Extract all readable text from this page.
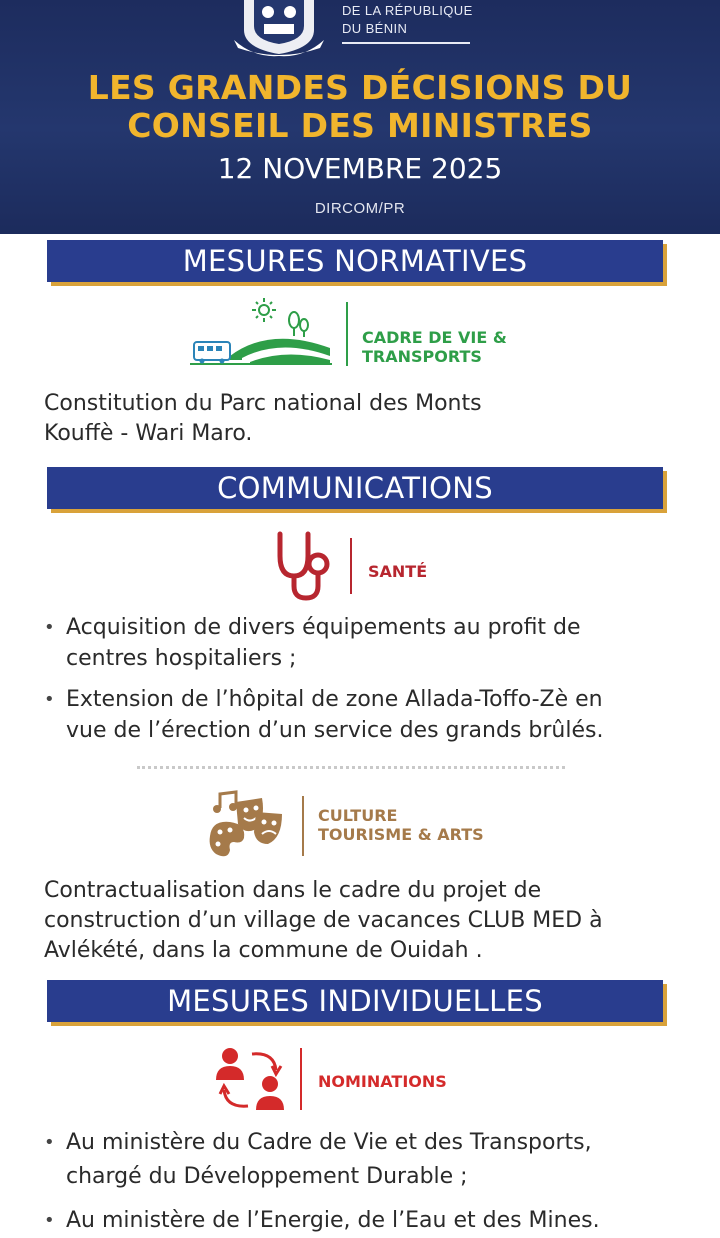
DE LA RÉPUBLIQUE
DU BÉNIN
LES GRANDES DÉCISIONS DU
CONSEIL DES MINISTRES
12 NOVEMBRE 2025
DIRCOM/PR
MESURES NORMATIVES
CADRE DE VIE &
TRANSPORTS
Constitution du Parc national des Monts
Kouffè - Wari Maro.
COMMUNICATIONS
SANTÉ
• Acquisition de divers équipements au profit de
centres hospitaliers ;
• Extension de l’hôpital de zone Allada-Toffo-Zè en
vue de l’érection d’un service des grands brûlés.
CULTURE
TOURISME & ARTS
Contractualisation dans le cadre du projet de
construction d’un village de vacances CLUB MED à
Avlékété, dans la commune de Ouidah .
MESURES INDIVIDUELLES
NOMINATIONS
• Au ministère du Cadre de Vie et des Transports,
chargé du Développement Durable ;
• Au ministère de l’Energie, de l’Eau et des Mines.
